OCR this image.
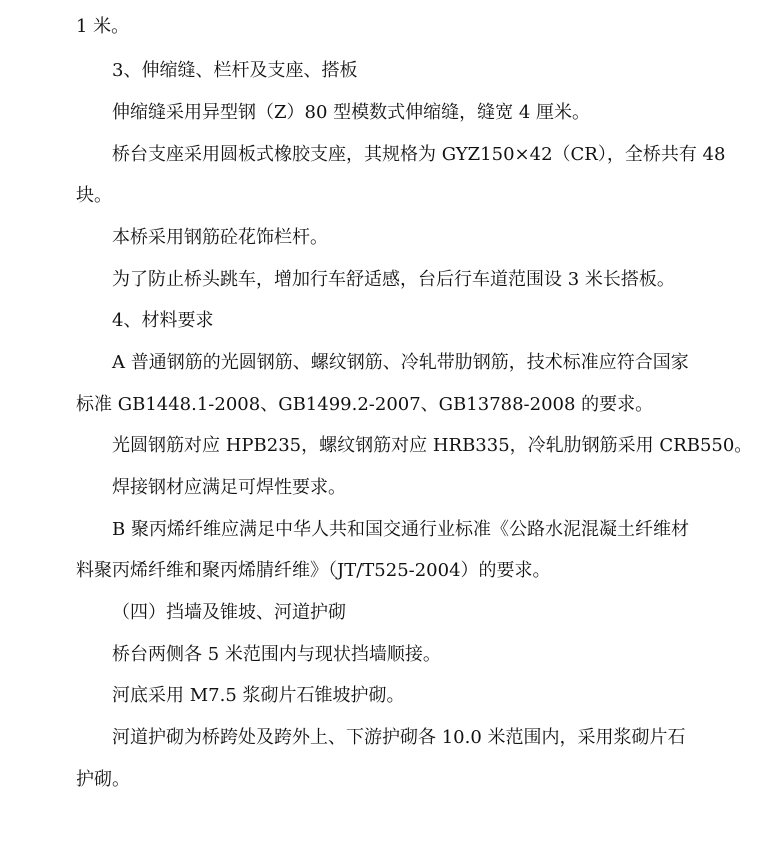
1 米。
3、伸缩缝、栏杆及支座、搭板
伸缩缝采用异型钢（Z）80 型模数式伸缩缝，缝宽 4 厘米。
桥台支座采用圆板式橡胶支座，其规格为 GYZ150×42（CR），全桥共有 48
块。
本桥采用钢筋砼花饰栏杆。
为了防止桥头跳车，增加行车舒适感，台后行车道范围设 3 米长搭板。
4、材料要求
A 普通钢筋的光圆钢筋、螺纹钢筋、冷轧带肋钢筋，技术标准应符合国家
标准 GB1448.1-2008、GB1499.2-2007、GB13788-2008 的要求。
光圆钢筋对应 HPB235，螺纹钢筋对应 HRB335，冷轧肋钢筋采用 CRB550。
焊接钢材应满足可焊性要求。
B 聚丙烯纤维应满足中华人共和国交通行业标准《公路水泥混凝土纤维材
料聚丙烯纤维和聚丙烯腈纤维》（JT/T525-2004）的要求。
（四）挡墙及锥坡、河道护砌
桥台两侧各 5 米范围内与现状挡墙顺接。
河底采用 M7.5 浆砌片石锥坡护砌。
河道护砌为桥跨处及跨外上、下游护砌各 10.0 米范围内，采用浆砌片石
护砌。
